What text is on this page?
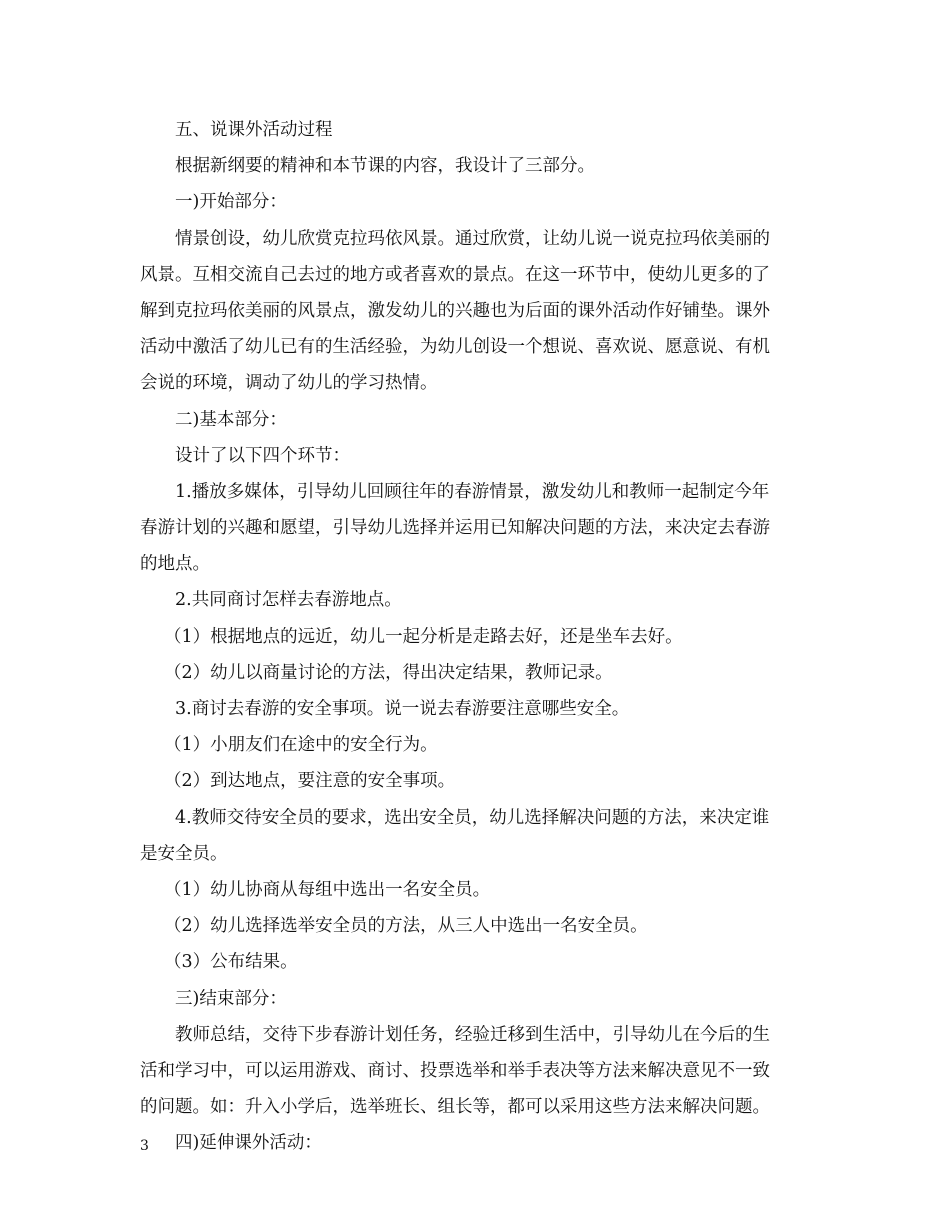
五、说课外活动过程
根据新纲要的精神和本节课的内容，我设计了三部分。
一)开始部分：
情景创设，幼儿欣赏克拉玛依风景。通过欣赏，让幼儿说一说克拉玛依美丽的
风景。互相交流自己去过的地方或者喜欢的景点。在这一环节中，使幼儿更多的了
解到克拉玛依美丽的风景点，激发幼儿的兴趣也为后面的课外活动作好铺垫。课外
活动中激活了幼儿已有的生活经验，为幼儿创设一个想说、喜欢说、愿意说、有机
会说的环境，调动了幼儿的学习热情。
二)基本部分：
设计了以下四个环节：
1.播放多媒体，引导幼儿回顾往年的春游情景，激发幼儿和教师一起制定今年
春游计划的兴趣和愿望，引导幼儿选择并运用已知解决问题的方法，来决定去春游
的地点。
2.共同商讨怎样去春游地点。
（1）根据地点的远近，幼儿一起分析是走路去好，还是坐车去好。
（2）幼儿以商量讨论的方法，得出决定结果，教师记录。
3.商讨去春游的安全事项。说一说去春游要注意哪些安全。
（1）小朋友们在途中的安全行为。
（2）到达地点，要注意的安全事项。
4.教师交待安全员的要求，选出安全员，幼儿选择解决问题的方法，来决定谁
是安全员。
（1）幼儿协商从每组中选出一名安全员。
（2）幼儿选择选举安全员的方法，从三人中选出一名安全员。
（3）公布结果。
三)结束部分：
教师总结，交待下步春游计划任务，经验迁移到生活中，引导幼儿在今后的生
活和学习中，可以运用游戏、商讨、投票选举和举手表决等方法来解决意见不一致
的问题。如：升入小学后，选举班长、组长等，都可以采用这些方法来解决问题。
四)延伸课外活动：
3
